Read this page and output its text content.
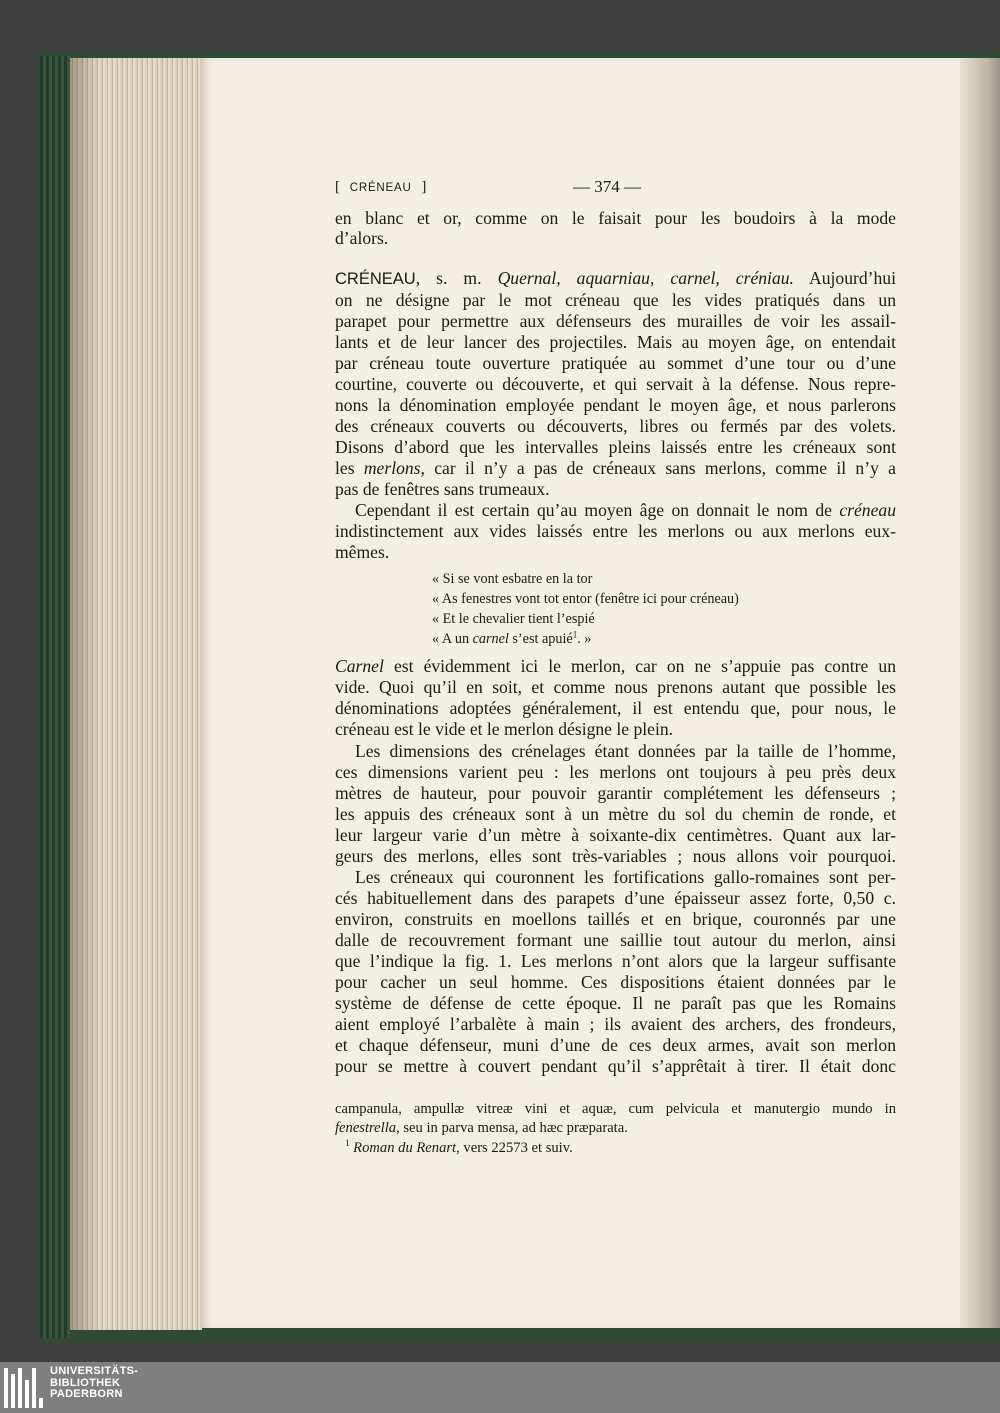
[ CRÉNEAU ]	— 374 —
en blanc et or, comme on le faisait pour les boudoirs à la mode
d’alors.
CRÉNEAU, s. m. Quernal, aquarniau, carnel, créniau. Aujourd’hui
on ne désigne par le mot créneau que les vides pratiqués dans un
parapet pour permettre aux défenseurs des murailles de voir les assail-
lants et de leur lancer des projectiles. Mais au moyen âge, on entendait
par créneau toute ouverture pratiquée au sommet d’une tour ou d’une
courtine, couverte ou découverte, et qui servait à la défense. Nous repre-
nons la dénomination employée pendant le moyen âge, et nous parlerons
des créneaux couverts ou découverts, libres ou fermés par des volets.
Disons d’abord que les intervalles pleins laissés entre les créneaux sont
les merlons, car il n’y a pas de créneaux sans merlons, comme il n’y a
pas de fenêtres sans trumeaux.
Cependant il est certain qu’au moyen âge on donnait le nom de créneau
indistinctement aux vides laissés entre les merlons ou aux merlons eux-
mêmes.
« Si se vont esbatre en la tor
« As fenestres vont tot entor (fenêtre ici pour créneau)
« Et le chevalier tient l’espié
« A un carnel s’est apuié$^1$. »
Carnel est évidemment ici le merlon, car on ne s’appuie pas contre un
vide. Quoi qu’il en soit, et comme nous prenons autant que possible les
dénominations adoptées généralement, il est entendu que, pour nous, le
créneau est le vide et le merlon désigne le plein.
Les dimensions des crénelages étant données par la taille de l’homme,
ces dimensions varient peu : les merlons ont toujours à peu près deux
mètres de hauteur, pour pouvoir garantir complétement les défenseurs ;
les appuis des créneaux sont à un mètre du sol du chemin de ronde, et
leur largeur varie d’un mètre à soixante-dix centimètres. Quant aux lar-
geurs des merlons, elles sont très-variables ; nous allons voir pourquoi.
Les créneaux qui couronnent les fortifications gallo-romaines sont per-
cés habituellement dans des parapets d’une épaisseur assez forte, 0,50 c.
environ, construits en moellons taillés et en brique, couronnés par une
dalle de recouvrement formant une saillie tout autour du merlon, ainsi
que l’indique la fig. 1. Les merlons n’ont alors que la largeur suffisante
pour cacher un seul homme. Ces dispositions étaient données par le
système de défense de cette époque. Il ne paraît pas que les Romains
aient employé l’arbalète à main ; ils avaient des archers, des frondeurs,
et chaque défenseur, muni d’une de ces deux armes, avait son merlon
pour se mettre à couvert pendant qu’il s’apprêtait à tirer. Il était donc
campanula, ampullæ vitreæ vini et aquæ, cum pelvicula et manutergio mundo in
fenestrella, seu in parva mensa, ad hæc præparata.
$^1$ Roman du Renart, vers 22573 et suiv.
UNIVERSITÄTS-
BIBLIOTHEK
PADERBORN
